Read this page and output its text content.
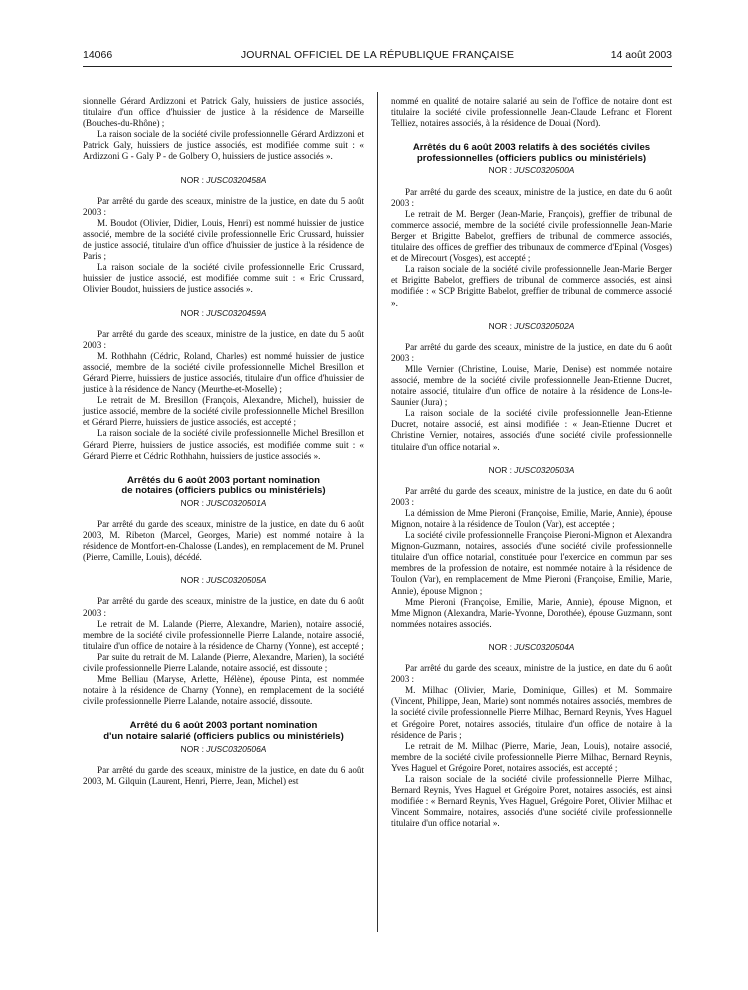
14066	JOURNAL OFFICIEL DE LA RÉPUBLIQUE FRANÇAISE	14 août 2003

sionnelle Gérard Ardizzoni et Patrick Galy, huissiers de justice associés, titulaire d'un office d'huissier de justice à la résidence de Marseille (Bouches-du-Rhône) ;

La raison sociale de la société civile professionnelle Gérard Ardizzoni et Patrick Galy, huissiers de justice associés, est modifiée comme suit : « Ardizzoni G - Galy P - de Golbery O, huissiers de justice associés ».

NOR : JUSC0320458A

Par arrêté du garde des sceaux, ministre de la justice, en date du 5 août 2003 :

M. Boudot (Olivier, Didier, Louis, Henri) est nommé huissier de justice associé, membre de la société civile professionnelle Eric Crussard, huissier de justice associé, titulaire d'un office d'huissier de justice à la résidence de Paris ;

La raison sociale de la société civile professionnelle Eric Crussard, huissier de justice associé, est modifiée comme suit : « Eric Crussard, Olivier Boudot, huissiers de justice associés ».

NOR : JUSC0320459A

Par arrêté du garde des sceaux, ministre de la justice, en date du 5 août 2003 :

M. Rothhahn (Cédric, Roland, Charles) est nommé huissier de justice associé, membre de la société civile professionnelle Michel Bresillon et Gérard Pierre, huissiers de justice associés, titulaire d'un office d'huissier de justice à la résidence de Nancy (Meurthe-et-Moselle) ;

Le retrait de M. Bresillon (François, Alexandre, Michel), huissier de justice associé, membre de la société civile professionnelle Michel Bresillon et Gérard Pierre, huissiers de justice associés, est accepté ;

La raison sociale de la société civile professionnelle Michel Bresillon et Gérard Pierre, huissiers de justice associés, est modifiée comme suit : « Gérard Pierre et Cédric Rothhahn, huissiers de justice associés ».

Arrêtés du 6 août 2003 portant nomination
de notaires (officiers publics ou ministériels)
NOR : JUSC0320501A

Par arrêté du garde des sceaux, ministre de la justice, en date du 6 août 2003, M. Ribeton (Marcel, Georges, Marie) est nommé notaire à la résidence de Montfort-en-Chalosse (Landes), en remplacement de M. Prunel (Pierre, Camille, Louis), décédé.

NOR : JUSC0320505A

Par arrêté du garde des sceaux, ministre de la justice, en date du 6 août 2003 :

Le retrait de M. Lalande (Pierre, Alexandre, Marien), notaire associé, membre de la société civile professionnelle Pierre Lalande, notaire associé, titulaire d'un office de notaire à la résidence de Charny (Yonne), est accepté ;

Par suite du retrait de M. Lalande (Pierre, Alexandre, Marien), la société civile professionnelle Pierre Lalande, notaire associé, est dissoute ;

Mme Belliau (Maryse, Arlette, Hélène), épouse Pinta, est nommée notaire à la résidence de Charny (Yonne), en remplacement de la société civile professionnelle Pierre Lalande, notaire associé, dissoute.

Arrêté du 6 août 2003 portant nomination
d'un notaire salarié (officiers publics ou ministériels)
NOR : JUSC0320506A

Par arrêté du garde des sceaux, ministre de la justice, en date du 6 août 2003, M. Gilquin (Laurent, Henri, Pierre, Jean, Michel) est

nommé en qualité de notaire salarié au sein de l'office de notaire dont est titulaire la société civile professionnelle Jean-Claude Lefranc et Florent Telliez, notaires associés, à la résidence de Douai (Nord).

Arrêtés du 6 août 2003 relatifs à des sociétés civiles
professionnelles (officiers publics ou ministériels)
NOR : JUSC0320500A

Par arrêté du garde des sceaux, ministre de la justice, en date du 6 août 2003 :

Le retrait de M. Berger (Jean-Marie, François), greffier de tribunal de commerce associé, membre de la société civile professionnelle Jean-Marie Berger et Brigitte Babelot, greffiers de tribunal de commerce associés, titulaire des offices de greffier des tribunaux de commerce d'Epinal (Vosges) et de Mirecourt (Vosges), est accepté ;

La raison sociale de la société civile professionnelle Jean-Marie Berger et Brigitte Babelot, greffiers de tribunal de commerce associés, est ainsi modifiée : « SCP Brigitte Babelot, greffier de tribunal de commerce associé ».

NOR : JUSC0320502A

Par arrêté du garde des sceaux, ministre de la justice, en date du 6 août 2003 :

Mlle Vernier (Christine, Louise, Marie, Denise) est nommée notaire associé, membre de la société civile professionnelle Jean-Etienne Ducret, notaire associé, titulaire d'un office de notaire à la résidence de Lons-le-Saunier (Jura) ;

La raison sociale de la société civile professionnelle Jean-Etienne Ducret, notaire associé, est ainsi modifiée : « Jean-Etienne Ducret et Christine Vernier, notaires, associés d'une société civile professionnelle titulaire d'un office notarial ».

NOR : JUSC0320503A

Par arrêté du garde des sceaux, ministre de la justice, en date du 6 août 2003 :

La démission de Mme Pieroni (Françoise, Emilie, Marie, Annie), épouse Mignon, notaire à la résidence de Toulon (Var), est acceptée ;

La société civile professionnelle Françoise Pieroni-Mignon et Alexandra Mignon-Guzmann, notaires, associés d'une société civile professionnelle titulaire d'un office notarial, constituée pour l'exercice en commun par ses membres de la profession de notaire, est nommée notaire à la résidence de Toulon (Var), en remplacement de Mme Pieroni (Françoise, Emilie, Marie, Annie), épouse Mignon ;

Mme Pieroni (Françoise, Emilie, Marie, Annie), épouse Mignon, et Mme Mignon (Alexandra, Marie-Yvonne, Dorothée), épouse Guzmann, sont nommées notaires associés.

NOR : JUSC0320504A

Par arrêté du garde des sceaux, ministre de la justice, en date du 6 août 2003 :

M. Milhac (Olivier, Marie, Dominique, Gilles) et M. Sommaire (Vincent, Philippe, Jean, Marie) sont nommés notaires associés, membres de la société civile professionnelle Pierre Milhac, Bernard Reynis, Yves Haguel et Grégoire Poret, notaires associés, titulaire d'un office de notaire à la résidence de Paris ;

Le retrait de M. Milhac (Pierre, Marie, Jean, Louis), notaire associé, membre de la société civile professionnelle Pierre Milhac, Bernard Reynis, Yves Haguel et Grégoire Poret, notaires associés, est accepté ;

La raison sociale de la société civile professionnelle Pierre Milhac, Bernard Reynis, Yves Haguel et Grégoire Poret, notaires associés, est ainsi modifiée : « Bernard Reynis, Yves Haguel, Grégoire Poret, Olivier Milhac et Vincent Sommaire, notaires, associés d'une société civile professionnelle titulaire d'un office notarial ».
